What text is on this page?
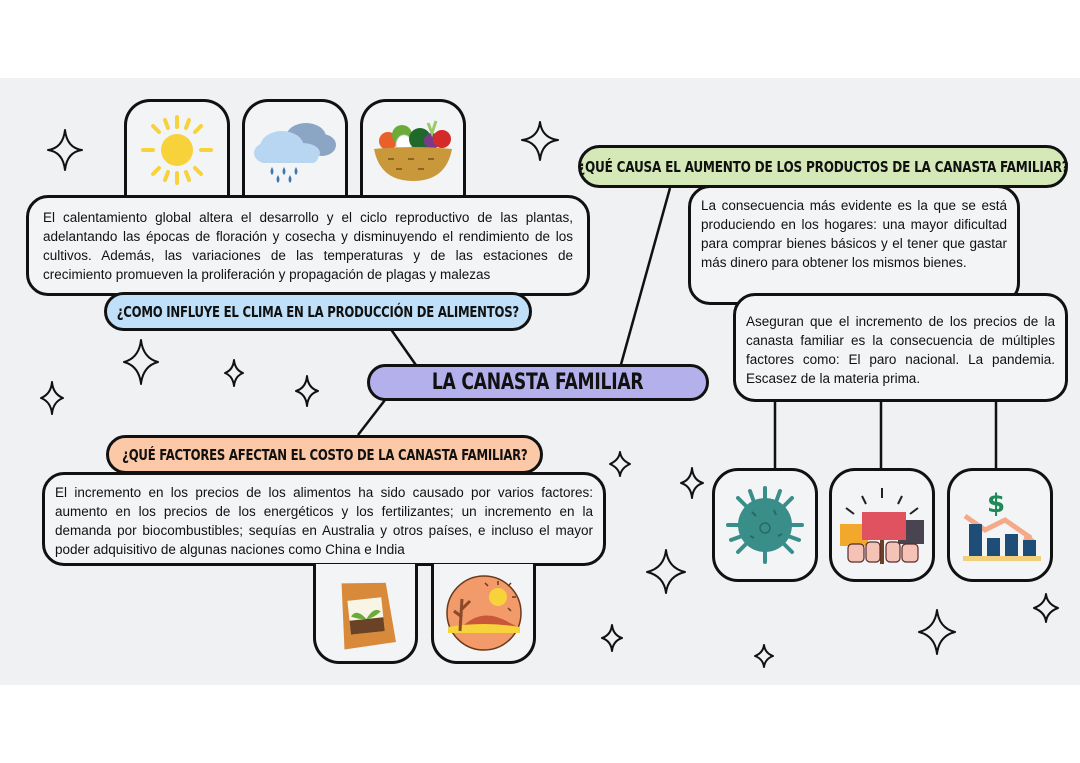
El calentamiento global altera el desarrollo y el ciclo reproductivo de las plantas, adelantando las épocas de floración y cosecha y disminuyendo el rendimiento de los cultivos. Además, las variaciones de las temperaturas y de las estaciones de crecimiento promueven la proliferación y propagación de plagas y malezas
¿COMO INFLUYE EL CLIMA EN LA PRODUCCIÓN DE ALIMENTOS?
LA CANASTA FAMILIAR
¿QUÉ FACTORES AFECTAN EL COSTO DE LA CANASTA FAMILIAR?
El incremento en los precios de los alimentos ha sido causado por varios factores: aumento en los precios de los energéticos y los fertilizantes; un incremento en la demanda por biocombustibles; sequías en Australia y otros países, e incluso el mayor poder adquisitivo de algunas naciones como China e India
¿QUÉ CAUSA EL AUMENTO DE LOS PRODUCTOS DE LA CANASTA FAMILIAR?
La consecuencia más evidente es la que se está produciendo en los hogares: una mayor dificultad para comprar bienes básicos y el tener que gastar más dinero para obtener los mismos bienes.
Aseguran que el incremento de los precios de la canasta familiar es la consecuencia de múltiples factores como: El paro nacional. La pandemia. Escasez de la materia prima.
$
